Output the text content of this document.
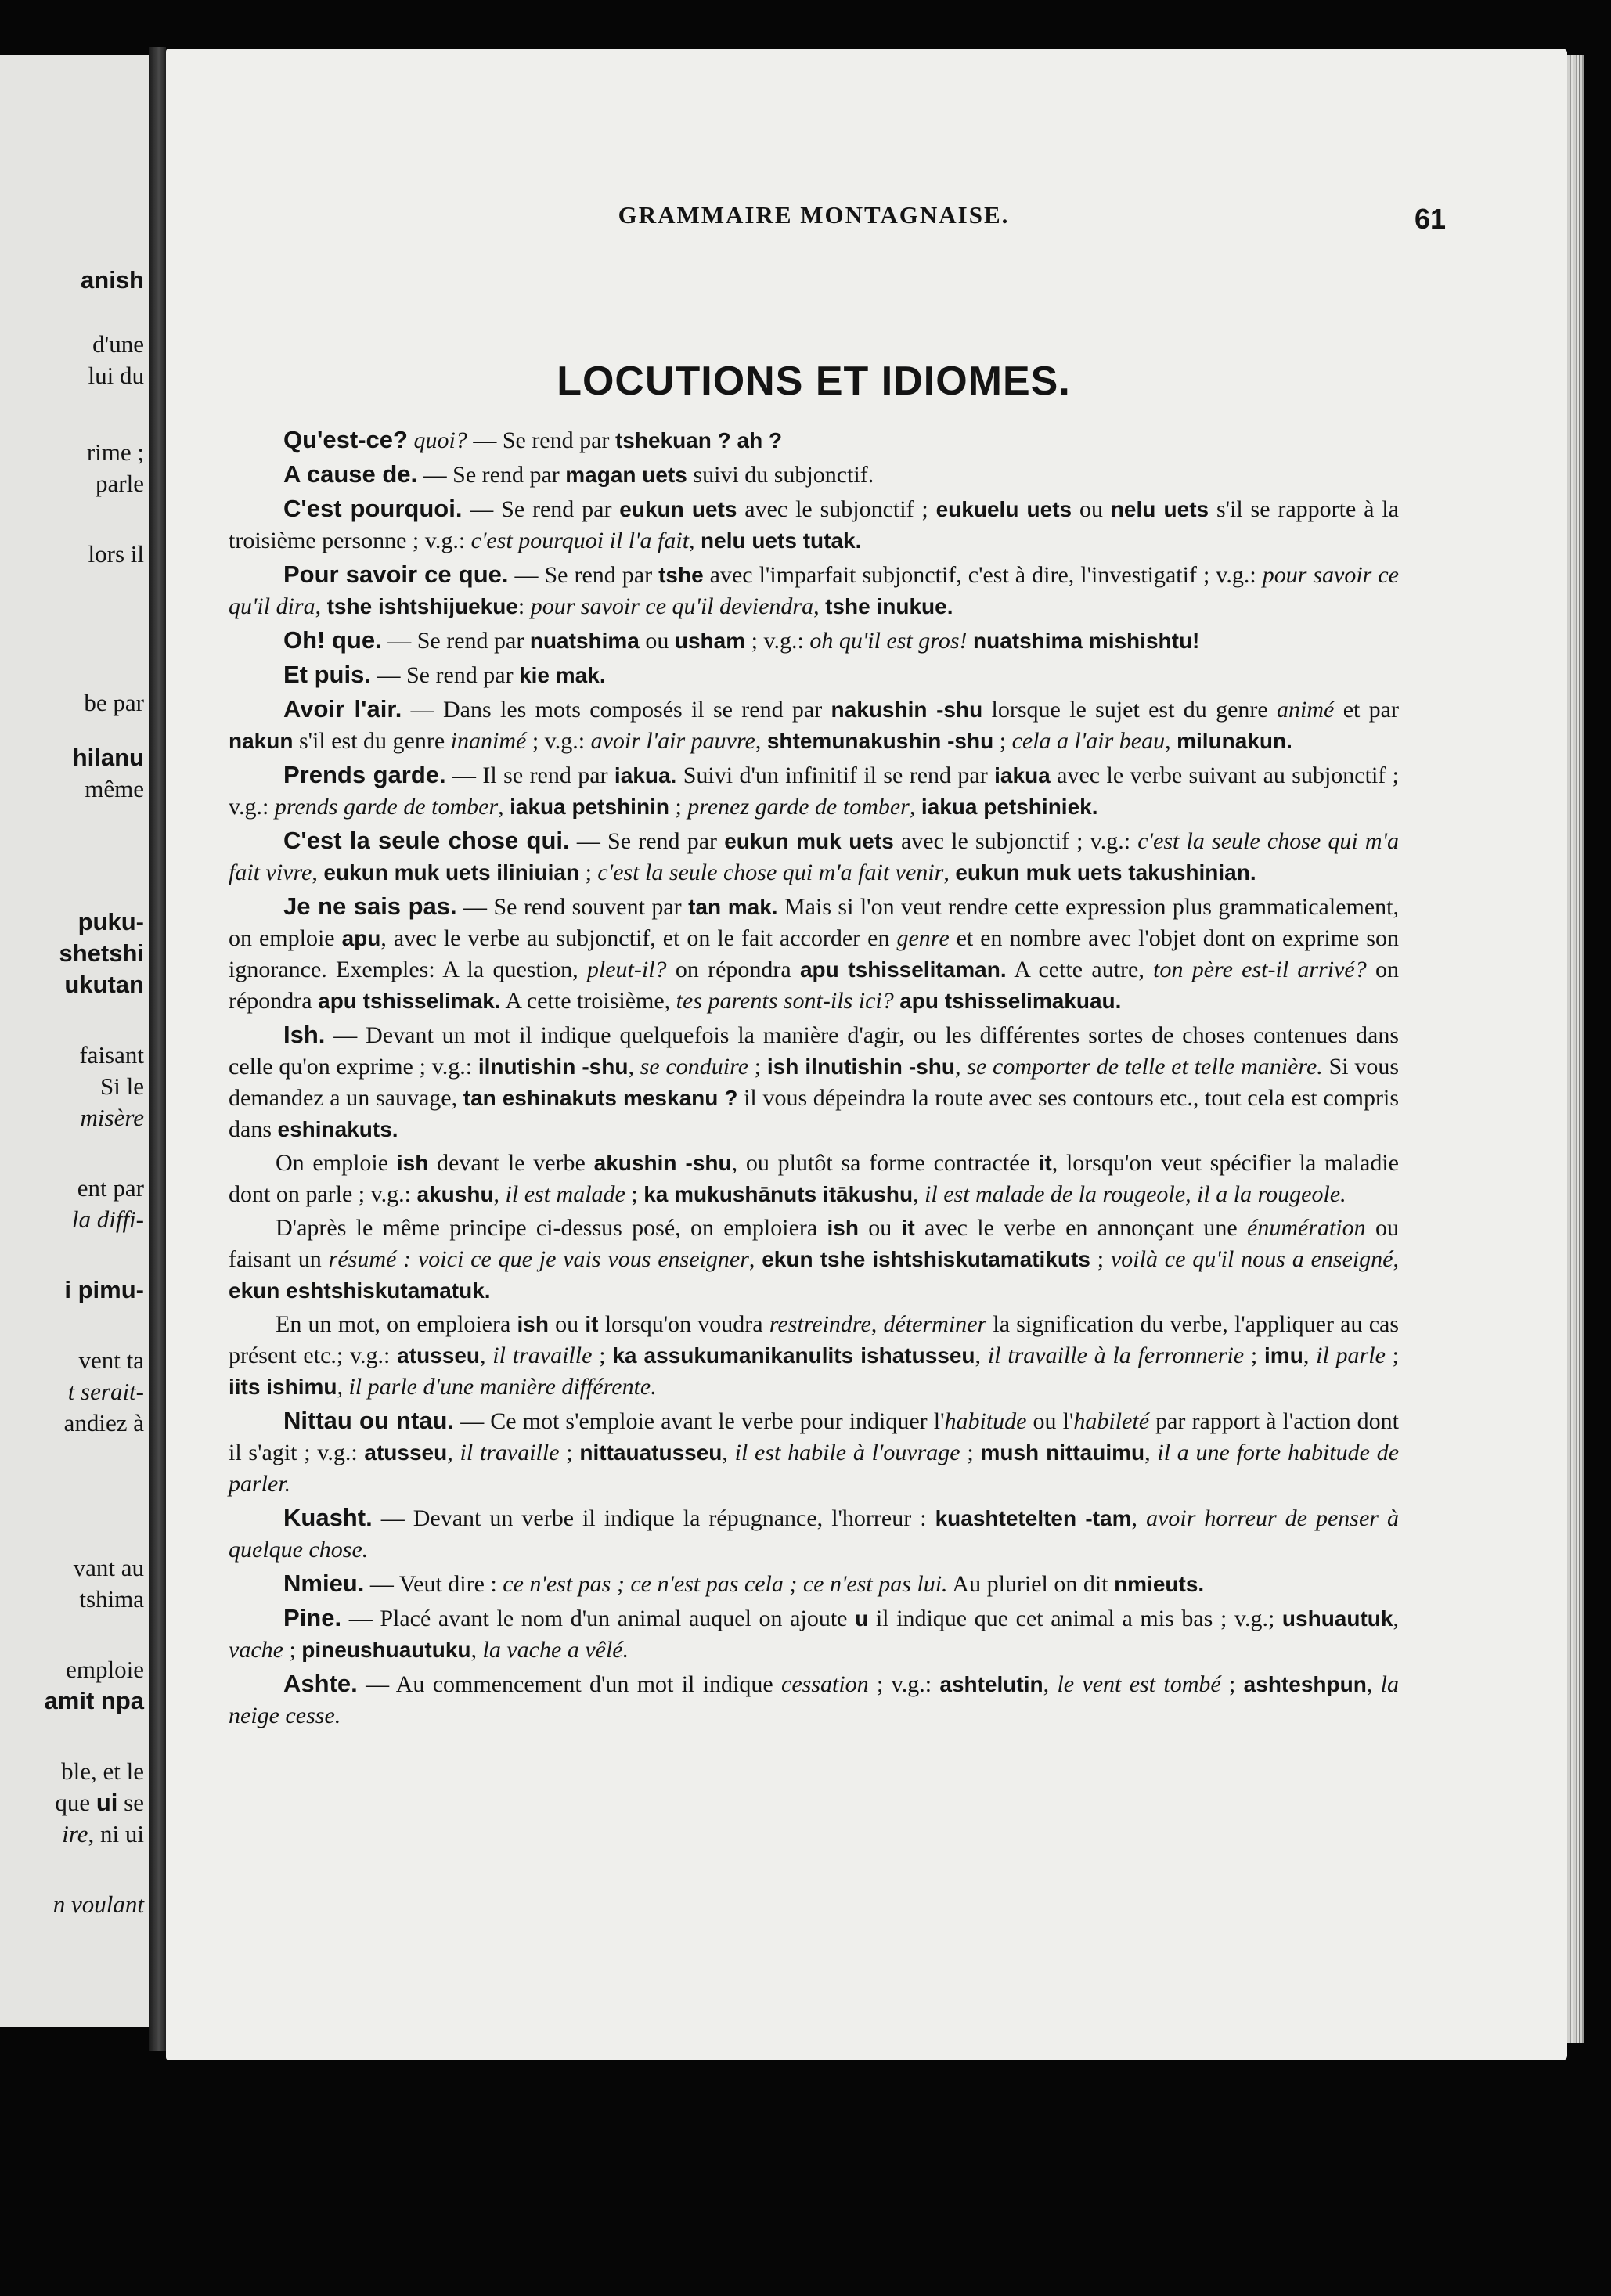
anish
d'une
lui du
rime ;
parle
lors il
be par
hilanu
même
puku-
shetshi
ukutan
faisant
Si le
misère
ent par
la diffi-
i pimu-
vent ta
t serait-
andiez à
vant au
tshima
emploie
amit npa
ble, et le
que ui se
ire, ni ui
n voulant
GRAMMAIRE MONTAGNAISE.	61
LOCUTIONS ET IDIOMES.

Qu'est-ce? quoi? — Se rend par tshekuan ? ah ?

A cause de. — Se rend par magan uets suivi du subjonctif.

C'est pourquoi. — Se rend par eukun uets avec le subjonctif ; eukuelu uets ou nelu uets s'il se rapporte à la troisième personne ; v.g.: c'est pourquoi il l'a fait, nelu uets tutak.

Pour savoir ce que. — Se rend par tshe avec l'imparfait subjonctif, c'est à dire, l'investigatif ; v.g.: pour savoir ce qu'il dira, tshe ishtshijuekue: pour savoir ce qu'il deviendra, tshe inukue.

Oh! que. — Se rend par nuatshima ou usham ; v.g.: oh qu'il est gros! nuatshima mishishtu!

Et puis. — Se rend par kie mak.

Avoir l'air. — Dans les mots composés il se rend par nakushin -shu lorsque le sujet est du genre animé et par nakun s'il est du genre inanimé ; v.g.: avoir l'air pauvre, shtemunakushin -shu ; cela a l'air beau, milunakun.

Prends garde. — Il se rend par iakua. Suivi d'un infinitif il se rend par iakua avec le verbe suivant au subjonctif ; v.g.: prends garde de tomber, iakua petshinin ; prenez garde de tomber, iakua petshiniek.

C'est la seule chose qui. — Se rend par eukun muk uets avec le subjonctif ; v.g.: c'est la seule chose qui m'a fait vivre, eukun muk uets iliniuian ; c'est la seule chose qui m'a fait venir, eukun muk uets takushinian.

Je ne sais pas. — Se rend souvent par tan mak. Mais si l'on veut rendre cette expression plus grammaticalement, on emploie apu, avec le verbe au subjonctif, et on le fait accorder en genre et en nombre avec l'objet dont on exprime son ignorance. Exemples: A la question, pleut-il? on répondra apu tshisselitaman. A cette autre, ton père est-il arrivé? on répondra apu tshisselimak. A cette troisième, tes parents sont-ils ici? apu tshisselimakuau.

Ish. — Devant un mot il indique quelquefois la manière d'agir, ou les différentes sortes de choses contenues dans celle qu'on exprime ; v.g.: ilnutishin -shu, se conduire ; ish ilnutishin -shu, se comporter de telle et telle manière. Si vous demandez a un sauvage, tan eshinakuts meskanu ? il vous dépeindra la route avec ses contours etc., tout cela est compris dans eshinakuts.

On emploie ish devant le verbe akushin -shu, ou plutôt sa forme contractée it, lorsqu'on veut spécifier la maladie dont on parle ; v.g.: akushu, il est malade ; ka mukushānuts itākushu, il est malade de la rougeole, il a la rougeole.

D'après le même principe ci-dessus posé, on emploiera ish ou it avec le verbe en annonçant une énumération ou faisant un résumé : voici ce que je vais vous enseigner, ekun tshe ishtshiskutamatikuts ; voilà ce qu'il nous a enseigné, ekun eshtshiskutamatuk.

En un mot, on emploiera ish ou it lorsqu'on voudra restreindre, déterminer la signification du verbe, l'appliquer au cas présent etc.; v.g.: atusseu, il travaille ; ka assukumanikanulits ishatusseu, il travaille à la ferronnerie ; imu, il parle ; iits ishimu, il parle d'une manière différente.

Nittau ou ntau. — Ce mot s'emploie avant le verbe pour indiquer l'habitude ou l'habileté par rapport à l'action dont il s'agit ; v.g.: atusseu, il travaille ; nittauatusseu, il est habile à l'ouvrage ; mush nittauimu, il a une forte habitude de parler.

Kuasht. — Devant un verbe il indique la répugnance, l'horreur : kuashtetelten -tam, avoir horreur de penser à quelque chose.

Nmieu. — Veut dire : ce n'est pas ; ce n'est pas cela ; ce n'est pas lui. Au pluriel on dit nmieuts.

Pine. — Placé avant le nom d'un animal auquel on ajoute u il indique que cet animal a mis bas ; v.g.; ushuautuk, vache ; pineushuautuku, la vache a vêlé.

Ashte. — Au commencement d'un mot il indique cessation ; v.g.: ashtelutin, le vent est tombé ; ashteshpun, la neige cesse.
